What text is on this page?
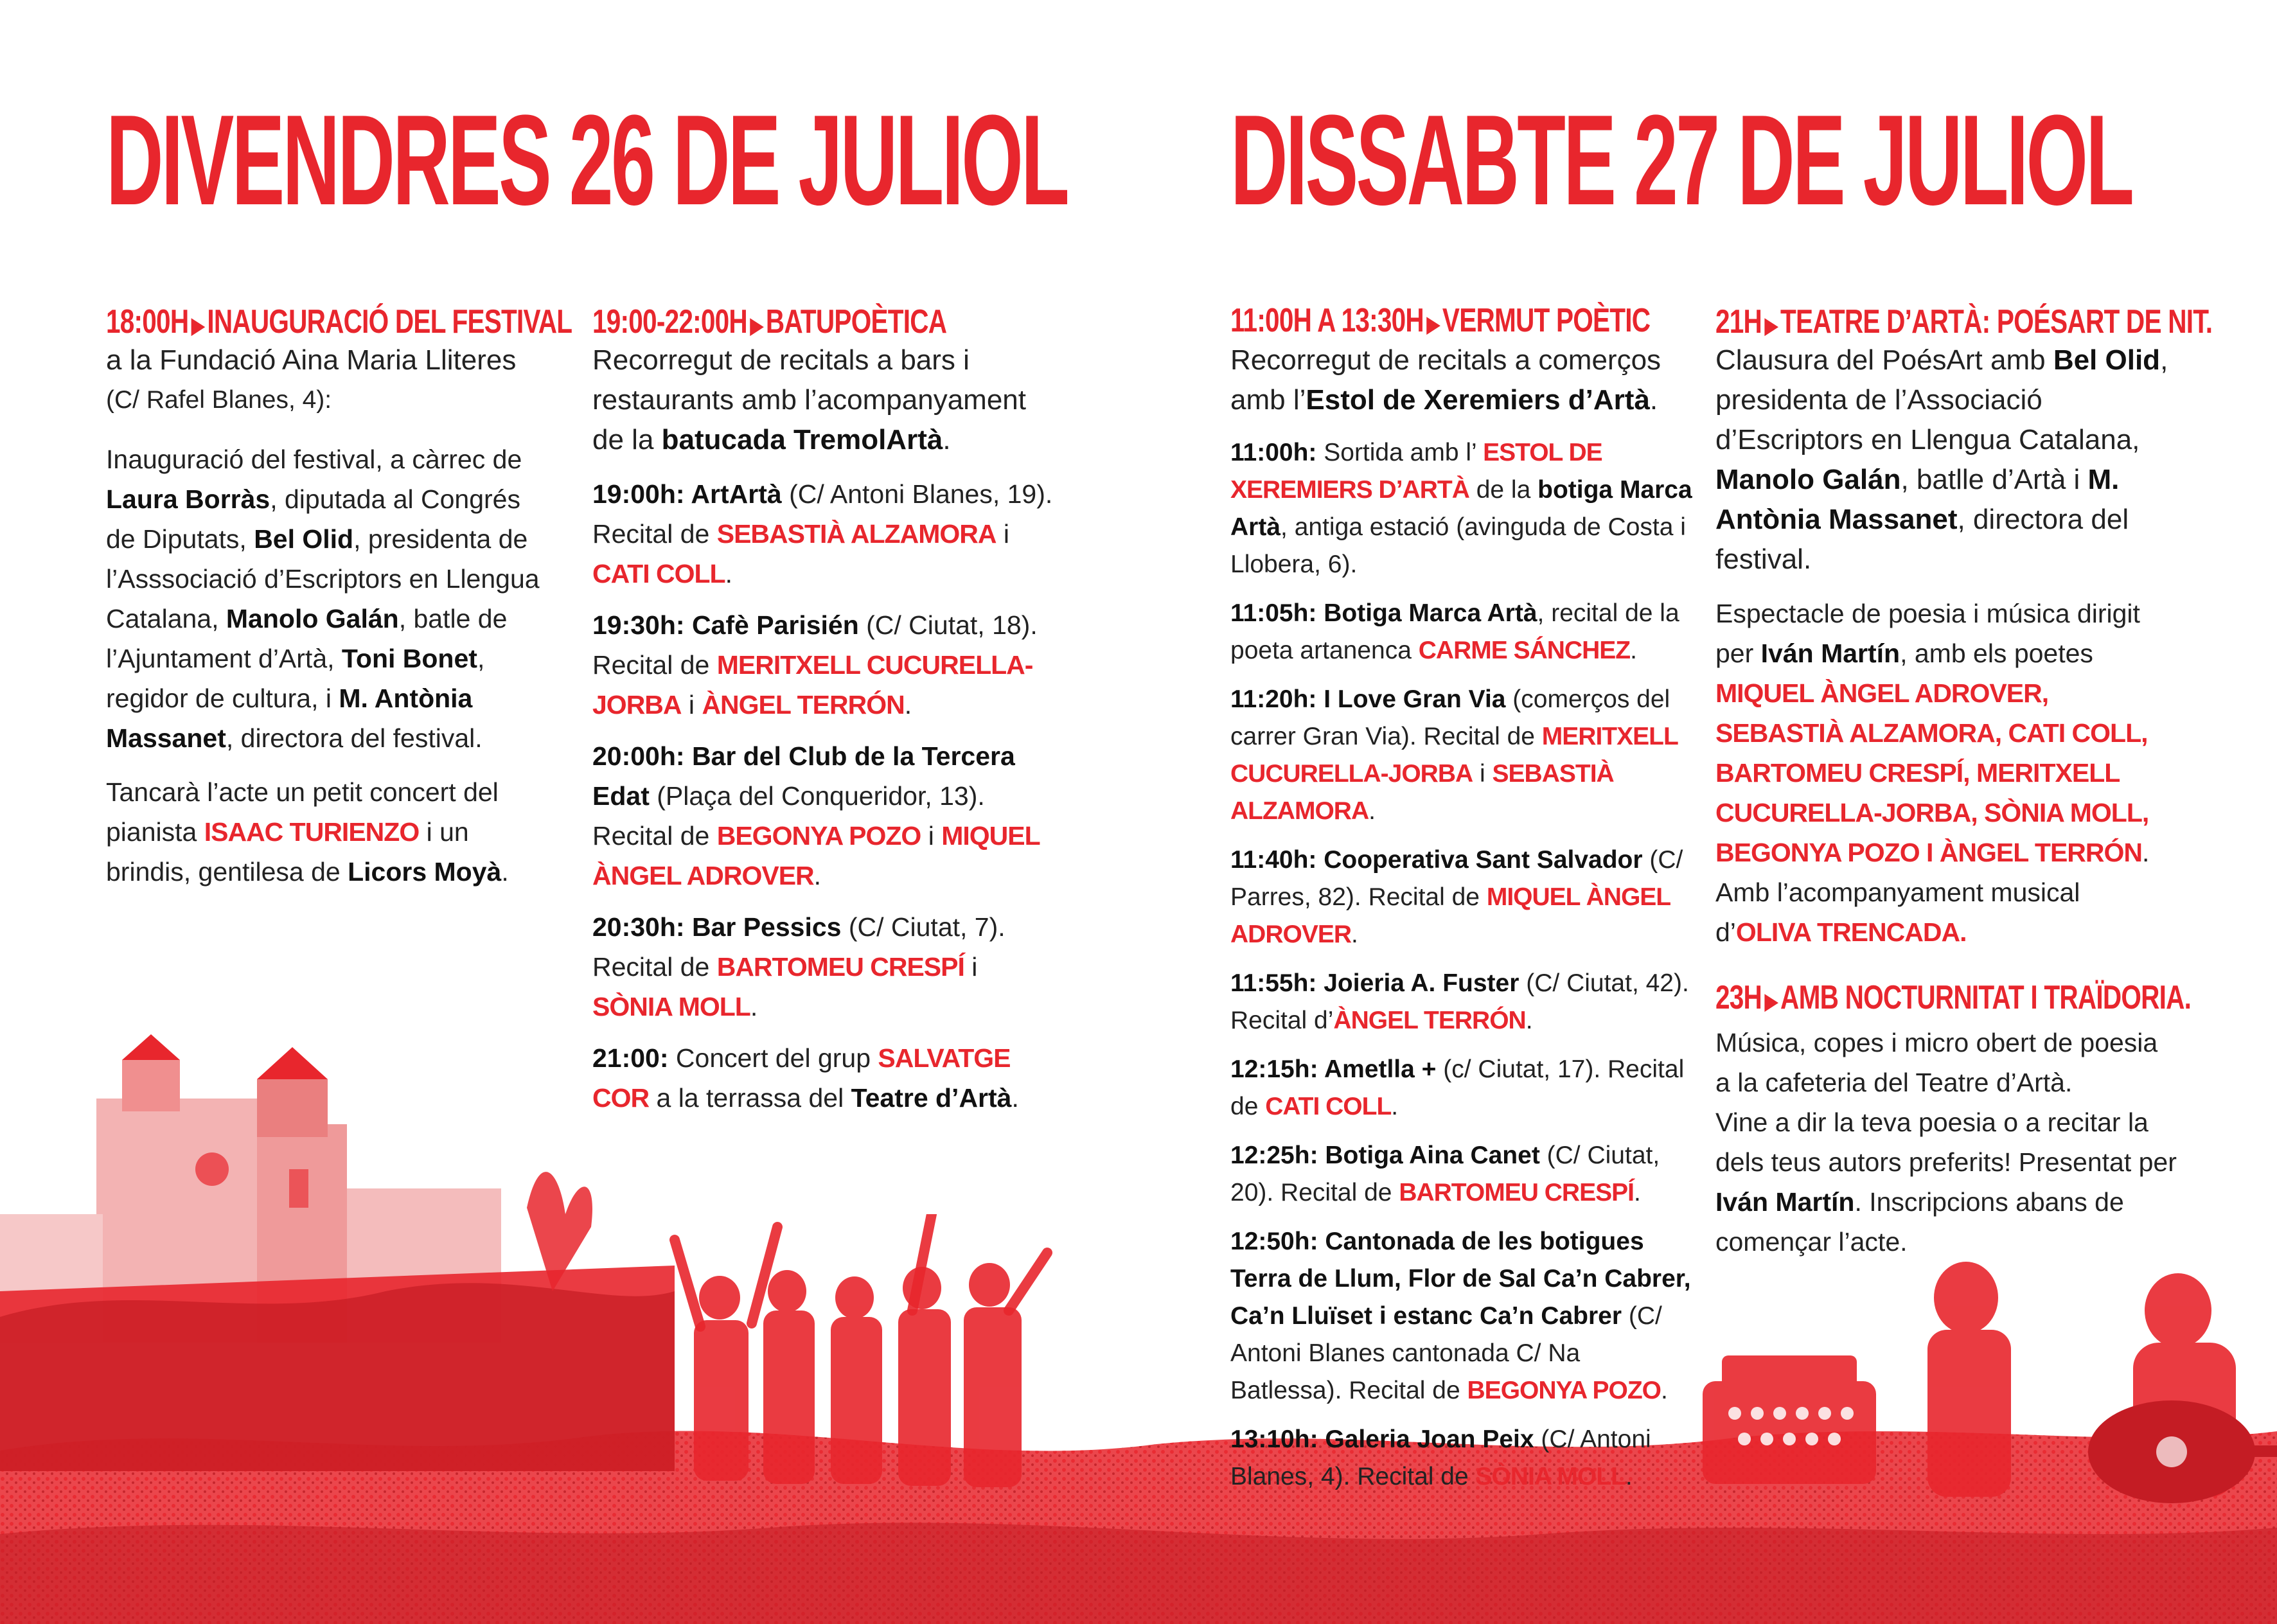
DIVENDRES 26 DE JULIOL DISSABTE 27 DE JULIOL
18:00H ▶INAUGURACIÓ DEL FESTIVAL
a la Fundació Aina Maria Lliteres

(C/ Rafel Blanes, 4):

Inauguració del festival, a càrrec de Laura Borràs, diputada al Congrés de Diputats, Bel Olid, presidenta de l’Asssociació d’Escriptors en Llengua Catalana, Manolo Galán, batle de l’Ajuntament d’Artà, Toni Bonet, regidor de cultura, i M. Antònia Massanet, directora del festival.

Tancarà l’acte un petit concert del pianista ISAAC TURIENZO i un brindis, gentilesa de Licors Moyà.

19:00-22:00H ▶BATUPOÈTICA

Recorregut de recitals a bars i restaurants amb l’acompanyament de la batucada TremolArtà.

19:00h: ArtArtà (C/ Antoni Blanes, 19). Recital de SEBASTIÀ ALZAMORA i CATI COLL.

19:30h: Cafè Parisién (C/ Ciutat, 18). Recital de MERITXELL CUCURELLA-JORBA i ÀNGEL TERRÓN.

20:00h: Bar del Club de la Tercera Edat (Plaça del Conqueridor, 13). Recital de BEGONYA POZO i MIQUEL ÀNGEL ADROVER.

20:30h: Bar Pessics (C/ Ciutat, 7). Recital de BARTOMEU CRESPÍ i SÒNIA MOLL.

21:00: Concert del grup SALVATGE COR a la terrassa del Teatre d’Artà.

11:00H A 13:30H ▶VERMUT POÈTIC

Recorregut de recitals a comerços amb l’Estol de Xeremiers d’Artà.

11:00h: Sortida amb l’ ESTOL DE XEREMIERS D’ARTÀ de la botiga Marca Artà, antiga estació (avinguda de Costa i Llobera, 6).

11:05h: Botiga Marca Artà, recital de la poeta artanenca CARME SÁNCHEZ.

11:20h: I Love Gran Via (comerços del carrer Gran Via). Recital de MERITXELL CUCURELLA-JORBA i SEBASTIÀ ALZAMORA.

11:40h: Cooperativa Sant Salvador (C/ Parres, 82). Recital de MIQUEL ÀNGEL ADROVER.

11:55h: Joieria A. Fuster (C/ Ciutat, 42). Recital d’ÀNGEL TERRÓN.

12:15h: Ametlla + (c/ Ciutat, 17). Recital de CATI COLL.

12:25h: Botiga Aina Canet (C/ Ciutat, 20). Recital de BARTOMEU CRESPÍ.

12:50h: Cantonada de les botigues Terra de Llum, Flor de Sal Ca’n Cabrer, Ca’n Lluïset i estanc Ca’n Cabrer (C/ Antoni Blanes cantonada C/ Na Batlessa). Recital de BEGONYA POZO.

13:10h: Galeria Joan Peix (C/ Antoni Blanes, 4). Recital de SÒNIA MOLL.

21H ▶TEATRE D’ARTÀ: POÉSART DE NIT.

Clausura del PoésArt amb Bel Olid, presidenta de l’Associació d’Escriptors en Llengua Catalana, Manolo Galán, batlle d’Artà i M. Antònia Massanet, directora del festival.

Espectacle de poesia i música dirigit per Iván Martín, amb els poetes MIQUEL ÀNGEL ADROVER, SEBASTIÀ ALZAMORA, CATI COLL, BARTOMEU CRESPÍ, MERITXELL CUCURELLA-JORBA, SÒNIA MOLL, BEGONYA POZO I ÀNGEL TERRÓN.
Amb l’acompanyament musical d’OLIVA TRENCADA.

23H ▶AMB NOCTURNITAT I TRAÏDORIA.

Música, copes i micro obert de poesia a la cafeteria del Teatre d’Artà.
Vine a dir la teva poesia o a recitar la dels teus autors preferits! Presentat per Iván Martín. Inscripcions abans de començar l’acte.
